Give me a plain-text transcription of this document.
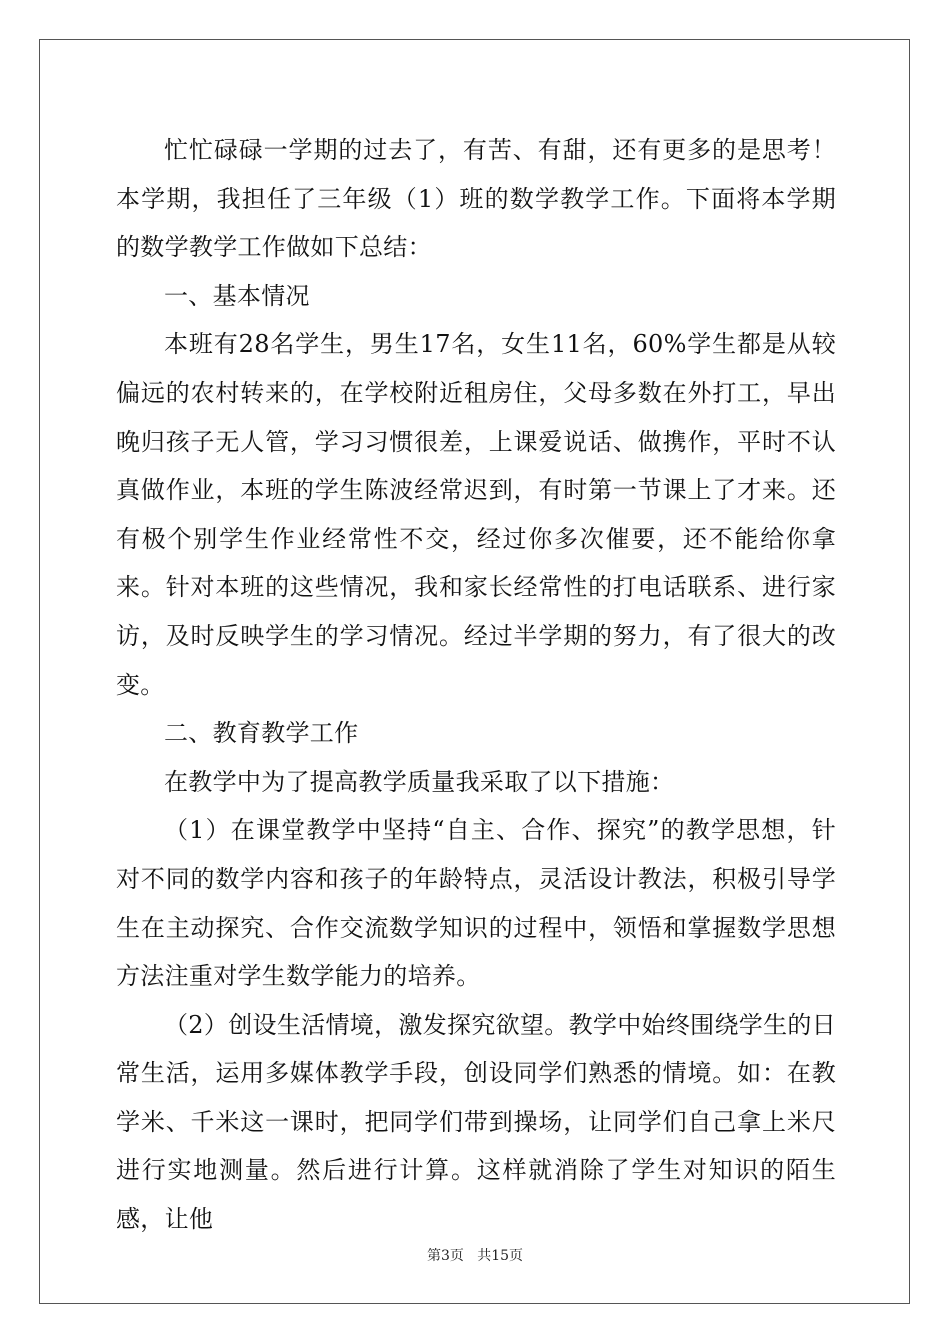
忙忙碌碌一学期的过去了，有苦、有甜，还有更多的是思考！本学期，我担任了三年级（1）班的数学教学工作。下面将本学期的数学教学工作做如下总结：

一、基本情况

本班有28名学生，男生17名，女生11名，60%学生都是从较偏远的农村转来的，在学校附近租房住，父母多数在外打工，早出晚归孩子无人管，学习习惯很差，上课爱说话、做携作，平时不认真做作业，本班的学生陈波经常迟到，有时第一节课上了才来。还有极个别学生作业经常性不交，经过你多次催要，还不能给你拿来。针对本班的这些情况，我和家长经常性的打电话联系、进行家访，及时反映学生的学习情况。经过半学期的努力，有了很大的改变。

二、教育教学工作

在教学中为了提高教学质量我采取了以下措施：

（1）在课堂教学中坚持“自主、合作、探究”的教学思想，针对不同的数学内容和孩子的年龄特点，灵活设计教法，积极引导学生在主动探究、合作交流数学知识的过程中，领悟和掌握数学思想方法注重对学生数学能力的培养。

（2）创设生活情境，激发探究欲望。教学中始终围绕学生的日常生活，运用多媒体教学手段，创设同学们熟悉的情境。如：在教学米、千米这一课时，把同学们带到操场，让同学们自己拿上米尺进行实地测量。然后进行计算。这样就消除了学生对知识的陌生感，让他

第3页   共15页
